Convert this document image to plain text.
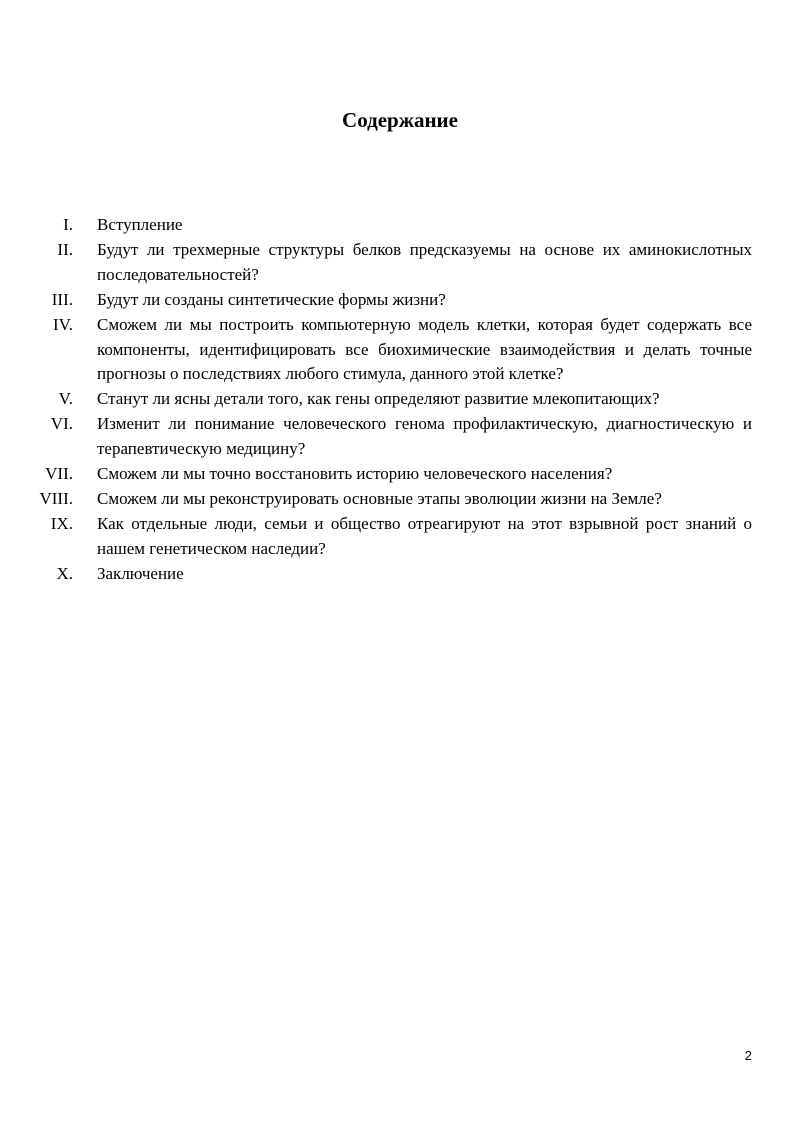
Содержание
I. Вступление
II. Будут ли трехмерные структуры белков предсказуемы на основе их аминокислотных последовательностей?
III. Будут ли созданы синтетические формы жизни?
IV. Сможем ли мы построить компьютерную модель клетки, которая будет содержать все компоненты, идентифицировать все биохимические взаимодействия и делать точные прогнозы о последствиях любого стимула, данного этой клетке?
V. Станут ли ясны детали того, как гены определяют развитие млекопитающих?
VI. Изменит ли понимание человеческого генома профилактическую, диагностическую и терапевтическую медицину?
VII. Сможем ли мы точно восстановить историю человеческого населения?
VIII. Сможем ли мы реконструировать основные этапы эволюции жизни на Земле?
IX. Как отдельные люди, семьи и общество отреагируют на этот взрывной рост знаний о нашем генетическом наследии?
X. Заключение
2
